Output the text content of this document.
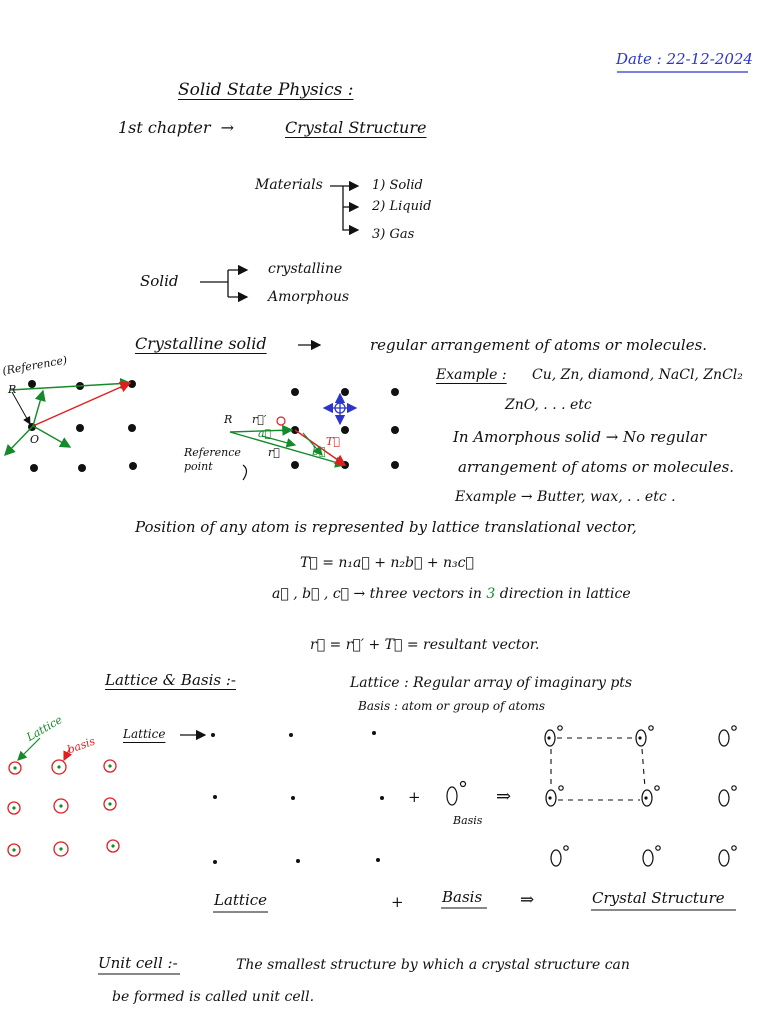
Date : 22-12-2024
Solid State Physics :
1st chapter  →	Crystal Structure
Materials	1) Solid
2) Liquid
3) Gas
Solid
crystalline
Amorphous
Crystalline solid	regular arrangement of atoms or molecules.
Example : Cu, Zn, diamond, NaCl, ZnCl₂
ZnO, . . . etc
In Amorphous solid → No regular
arrangement of atoms or molecules.
Example → Butter, wax, . . etc .
(Reference)
R
O
R r⃗′
r⃗
T⃗
a⃗
b⃗
Reference point
Position of any atom is represented by lattice translational vector,
T⃗ = n₁a⃗ + n₂b⃗ + n₃c⃗
a⃗ , b⃗ , c⃗ → three vectors in 3 direction in lattice
r⃗ = r⃗′ + T⃗ = resultant vector.
Lattice & Basis :-	Lattice : Regular array of imaginary pts
Basis : atom or group of atoms
Lattice
+	⇒
Basis
Lattice
basis
Lattice	+	Basis ⇒	Crystal Structure
Unit cell :-	The smallest structure by which a crystal structure can
be formed is called unit cell.
